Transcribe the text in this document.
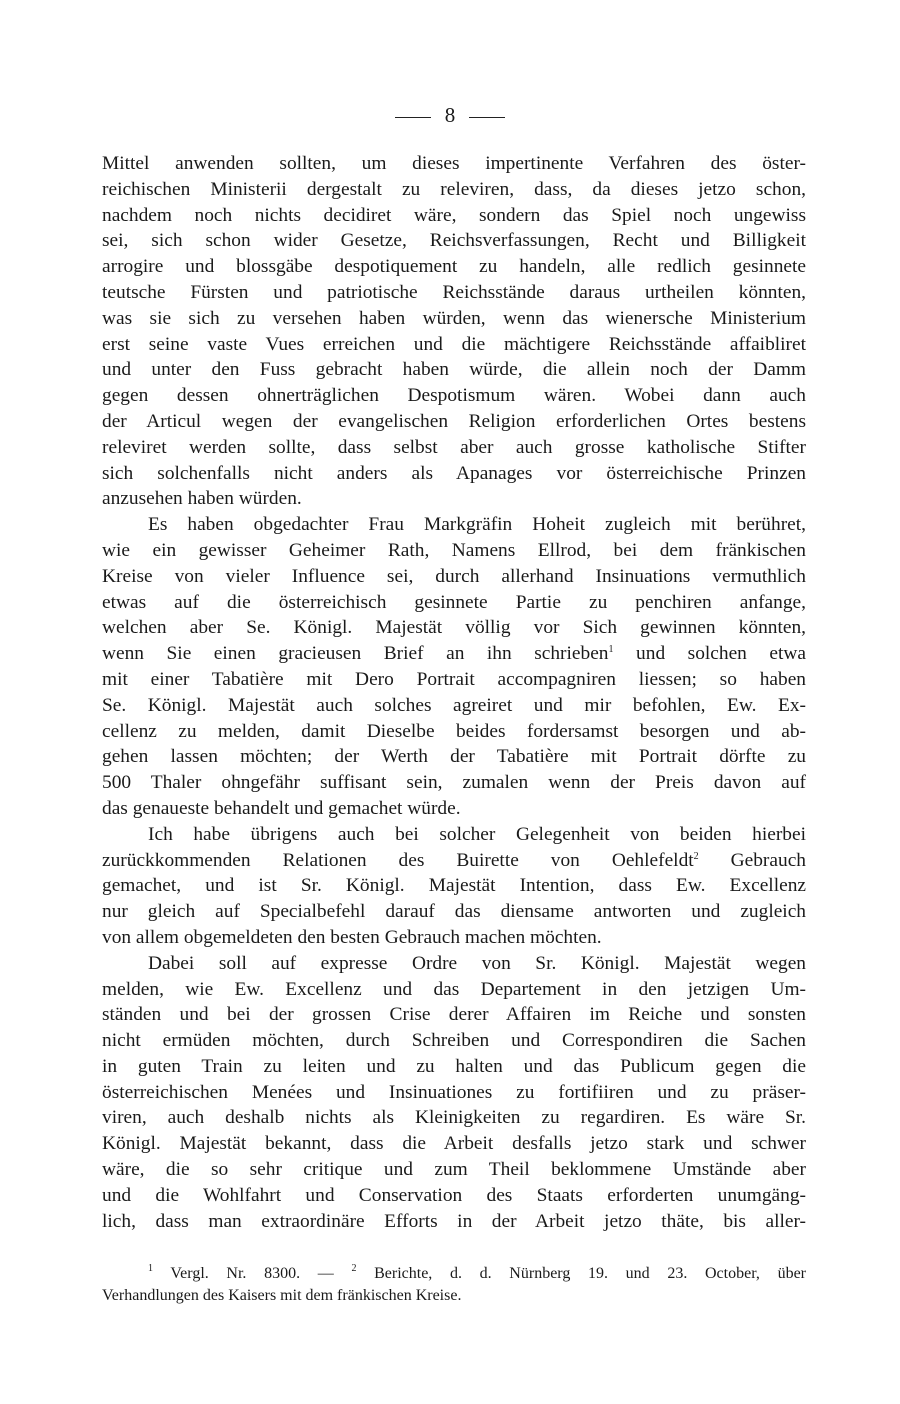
8
Mittel anwenden sollten, um dieses impertinente Verfahren des öster-
reichischen Ministerii dergestalt zu releviren, dass, da dieses jetzo schon,
nachdem noch nichts decidiret wäre, sondern das Spiel noch ungewiss
sei, sich schon wider Gesetze, Reichsverfassungen, Recht und Billigkeit
arrogire und blossgäbe despotiquement zu handeln, alle redlich gesinnete
teutsche Fürsten und patriotische Reichsstände daraus urtheilen könnten,
was sie sich zu versehen haben würden, wenn das wienersche Ministerium
erst seine vaste Vues erreichen und die mächtigere Reichsstände affaibliret
und unter den Fuss gebracht haben würde, die allein noch der Damm
gegen dessen ohnerträglichen Despotismum wären. Wobei dann auch
der Articul wegen der evangelischen Religion erforderlichen Ortes bestens
releviret werden sollte, dass selbst aber auch grosse katholische Stifter
sich solchenfalls nicht anders als Apanages vor österreichische Prinzen
anzusehen haben würden.
Es haben obgedachter Frau Markgräfin Hoheit zugleich mit berühret,
wie ein gewisser Geheimer Rath, Namens Ellrod, bei dem fränkischen
Kreise von vieler Influence sei, durch allerhand Insinuations vermuthlich
etwas auf die österreichisch gesinnete Partie zu penchiren anfange,
welchen aber Se. Königl. Majestät völlig vor Sich gewinnen könnten,
wenn Sie einen gracieusen Brief an ihn schrieben$^1$ und solchen etwa
mit einer Tabatière mit Dero Portrait accompagniren liessen; so haben
Se. Königl. Majestät auch solches agreiret und mir befohlen, Ew. Ex-
cellenz zu melden, damit Dieselbe beides fordersamst besorgen und ab-
gehen lassen möchten; der Werth der Tabatière mit Portrait dörfte zu
500 Thaler ohngefähr suffisant sein, zumalen wenn der Preis davon auf
das genaueste behandelt und gemachet würde.
Ich habe übrigens auch bei solcher Gelegenheit von beiden hierbei
zurückkommenden Relationen des Buirette von Oehlefeldt$^2$ Gebrauch
gemachet, und ist Sr. Königl. Majestät Intention, dass Ew. Excellenz
nur gleich auf Specialbefehl darauf das diensame antworten und zugleich
von allem obgemeldeten den besten Gebrauch machen möchten.
Dabei soll auf expresse Ordre von Sr. Königl. Majestät wegen
melden, wie Ew. Excellenz und das Departement in den jetzigen Um-
ständen und bei der grossen Crise derer Affairen im Reiche und sonsten
nicht ermüden möchten, durch Schreiben und Correspondiren die Sachen
in guten Train zu leiten und zu halten und das Publicum gegen die
österreichischen Menées und Insinuationes zu fortifiiren und zu präser-
viren, auch deshalb nichts als Kleinigkeiten zu regardiren. Es wäre Sr.
Königl. Majestät bekannt, dass die Arbeit desfalls jetzo stark und schwer
wäre, die so sehr critique und zum Theil beklommene Umstände aber
und die Wohlfahrt und Conservation des Staats erforderten unumgäng-
lich, dass man extraordinäre Efforts in der Arbeit jetzo thäte, bis aller-
$^1$ Vergl. Nr. 8300. — $^2$ Berichte, d. d. Nürnberg 19. und 23. October, über
Verhandlungen des Kaisers mit dem fränkischen Kreise.
